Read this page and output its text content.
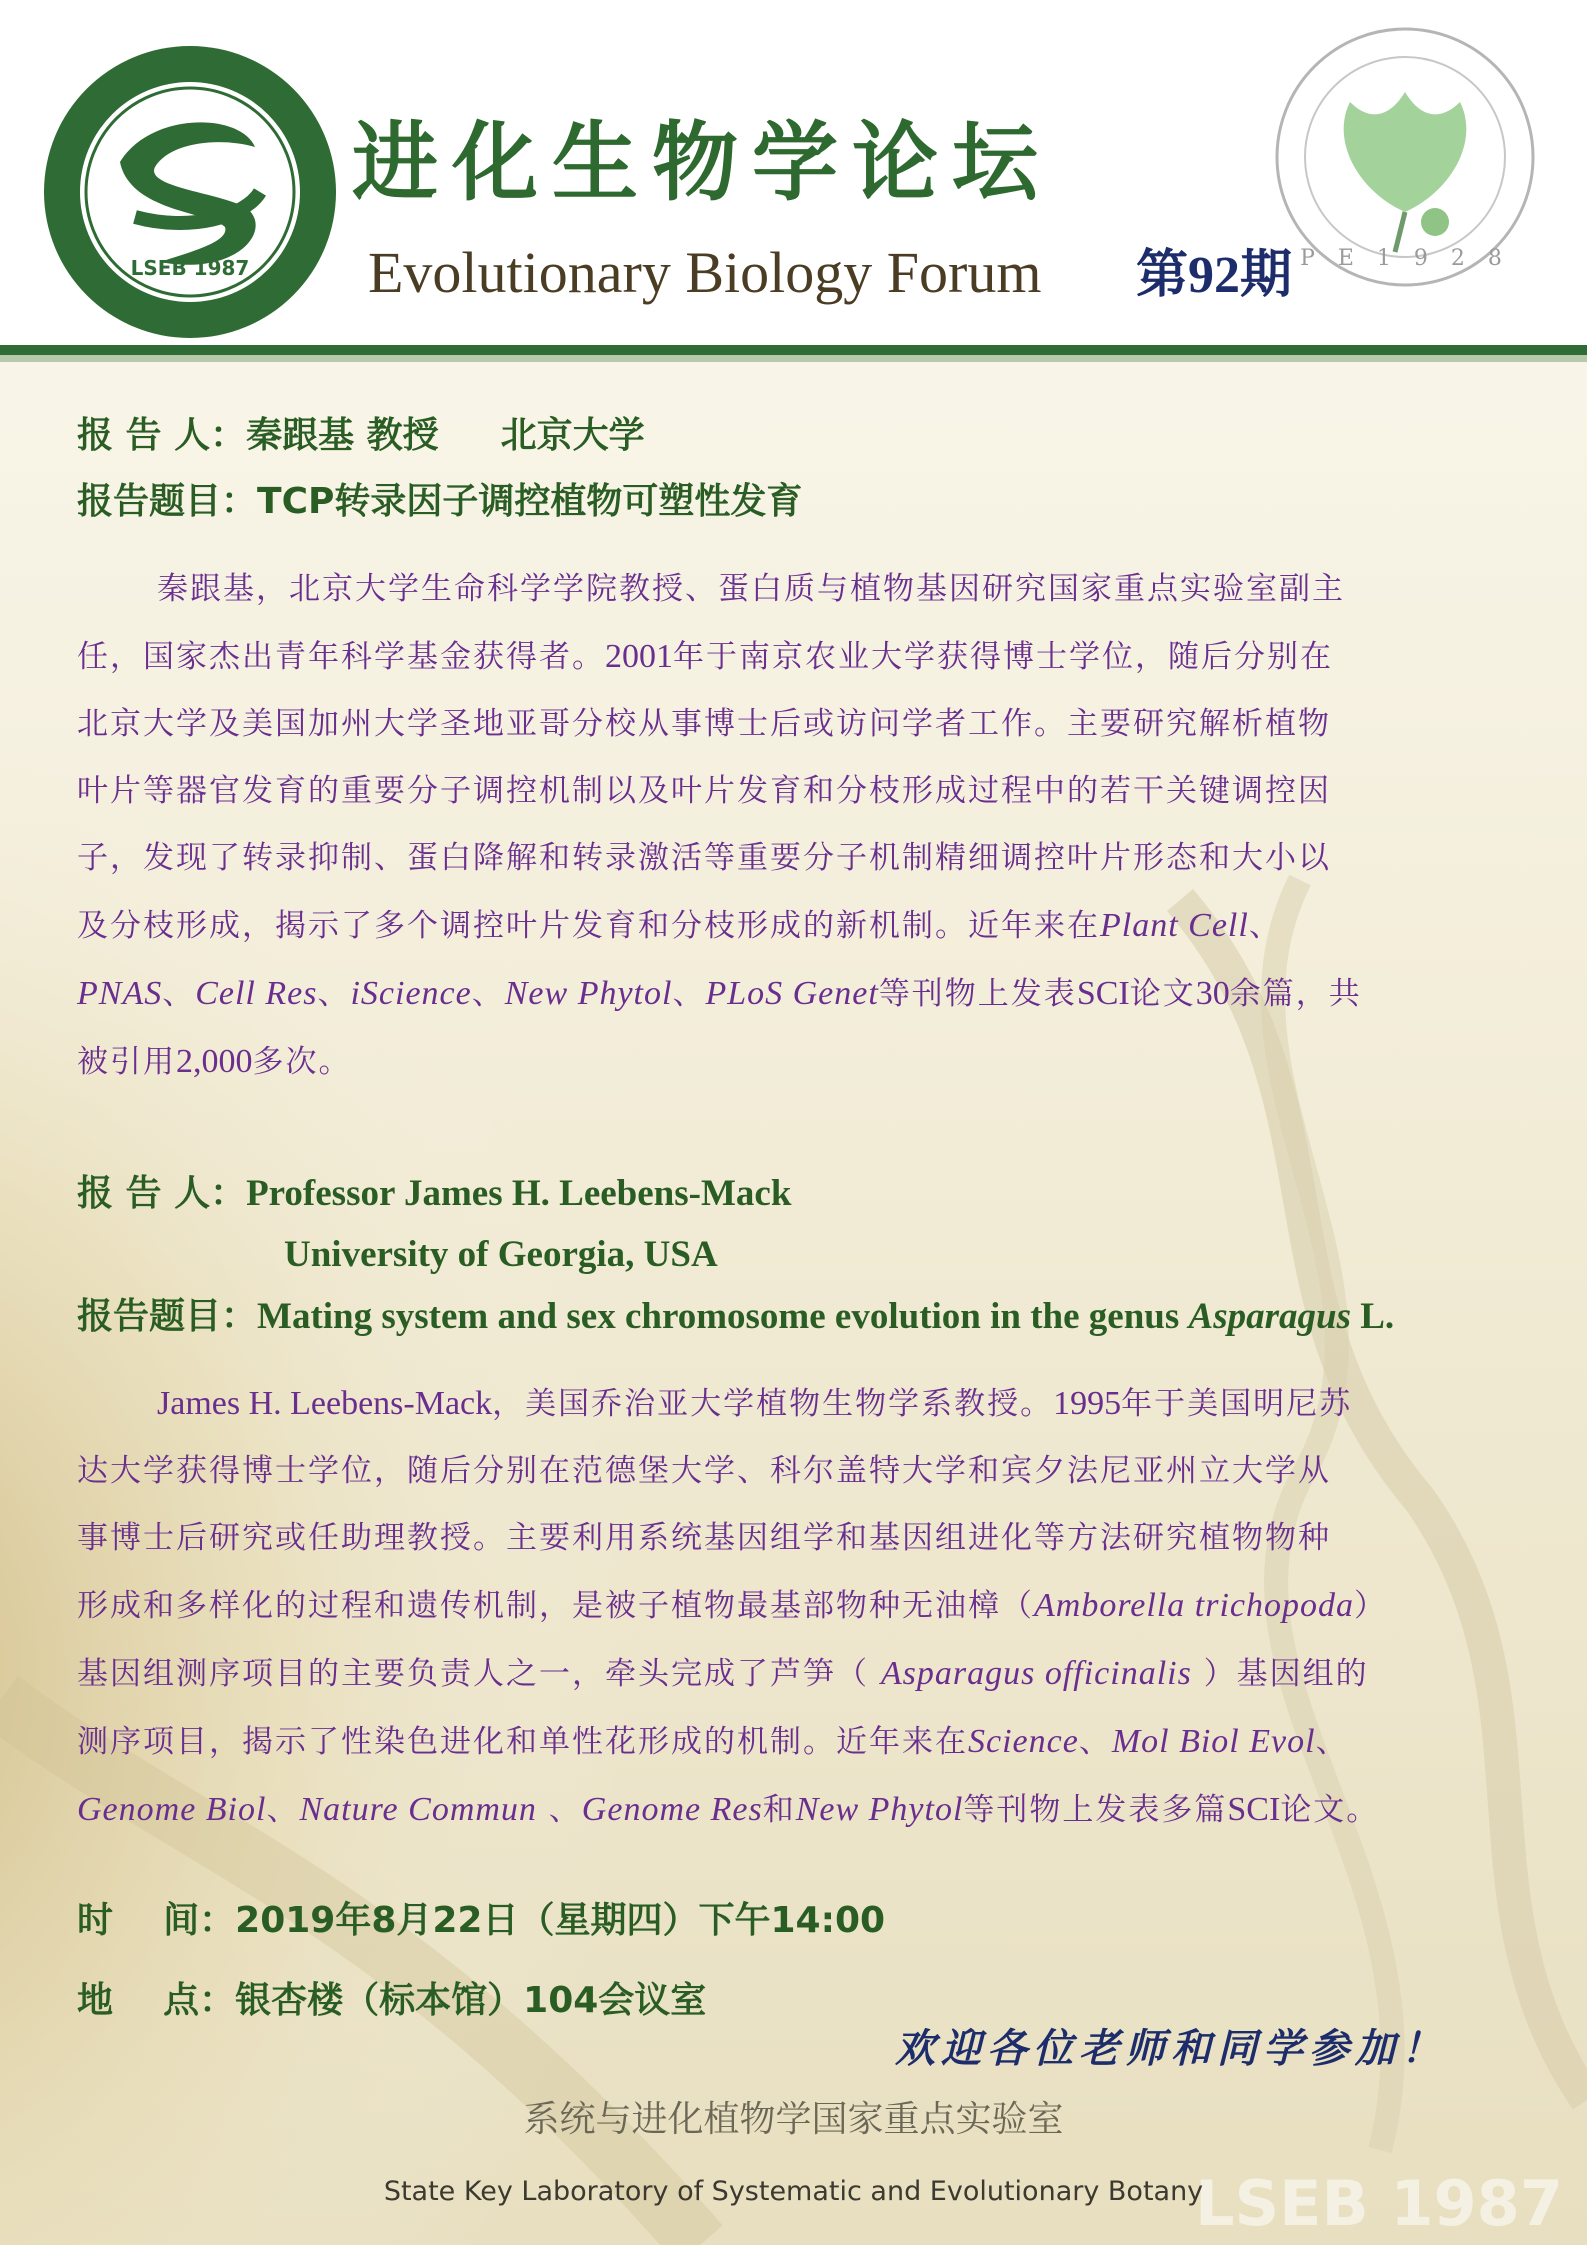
LSEB 1987
LSEB 1987	P E 1 9 2 8
进化生物学论坛
Evolutionary Biology Forum 第92期
报 告 人：秦跟基 教授 北京大学
报告题目：TCP转录因子调控植物可塑性发育

秦跟基，北京大学生命科学学院教授、蛋白质与植物基因研究国家重点实验室副主

任，国家杰出青年科学基金获得者。2001年于南京农业大学获得博士学位，随后分别在

北京大学及美国加州大学圣地亚哥分校从事博士后或访问学者工作。主要研究解析植物

叶片等器官发育的重要分子调控机制以及叶片发育和分枝形成过程中的若干关键调控因

子，发现了转录抑制、蛋白降解和转录激活等重要分子机制精细调控叶片形态和大小以

及分枝形成，揭示了多个调控叶片发育和分枝形成的新机制。近年来在Plant Cell、

PNAS、Cell Res、iScience、New Phytol、PLoS Genet等刊物上发表SCI论文30余篇，共

被引用2,000多次。

报 告 人：Professor James H. Leebens-Mack
University of Georgia, USA
报告题目：Mating system and sex chromosome evolution in the genus Asparagus L.

James H. Leebens-Mack，美国乔治亚大学植物生物学系教授。1995年于美国明尼苏

达大学获得博士学位，随后分别在范德堡大学、科尔盖特大学和宾夕法尼亚州立大学从

事博士后研究或任助理教授。主要利用系统基因组学和基因组进化等方法研究植物物种

形成和多样化的过程和遗传机制，是被子植物最基部物种无油樟（Amborella trichopoda）

基因组测序项目的主要负责人之一，牵头完成了芦笋（ Asparagus officinalis ）基因组的

测序项目，揭示了性染色进化和单性花形成的机制。近年来在Science、Mol Biol Evol、

Genome Biol、Nature Commun 、Genome Res和New Phytol等刊物上发表多篇SCI论文。

时    间：2019年8月22日（星期四）下午14:00
地    点：银杏楼（标本馆）104会议室
欢迎各位老师和同学参加！
系统与进化植物学国家重点实验室
State Key Laboratory of Systematic and Evolutionary Botany
